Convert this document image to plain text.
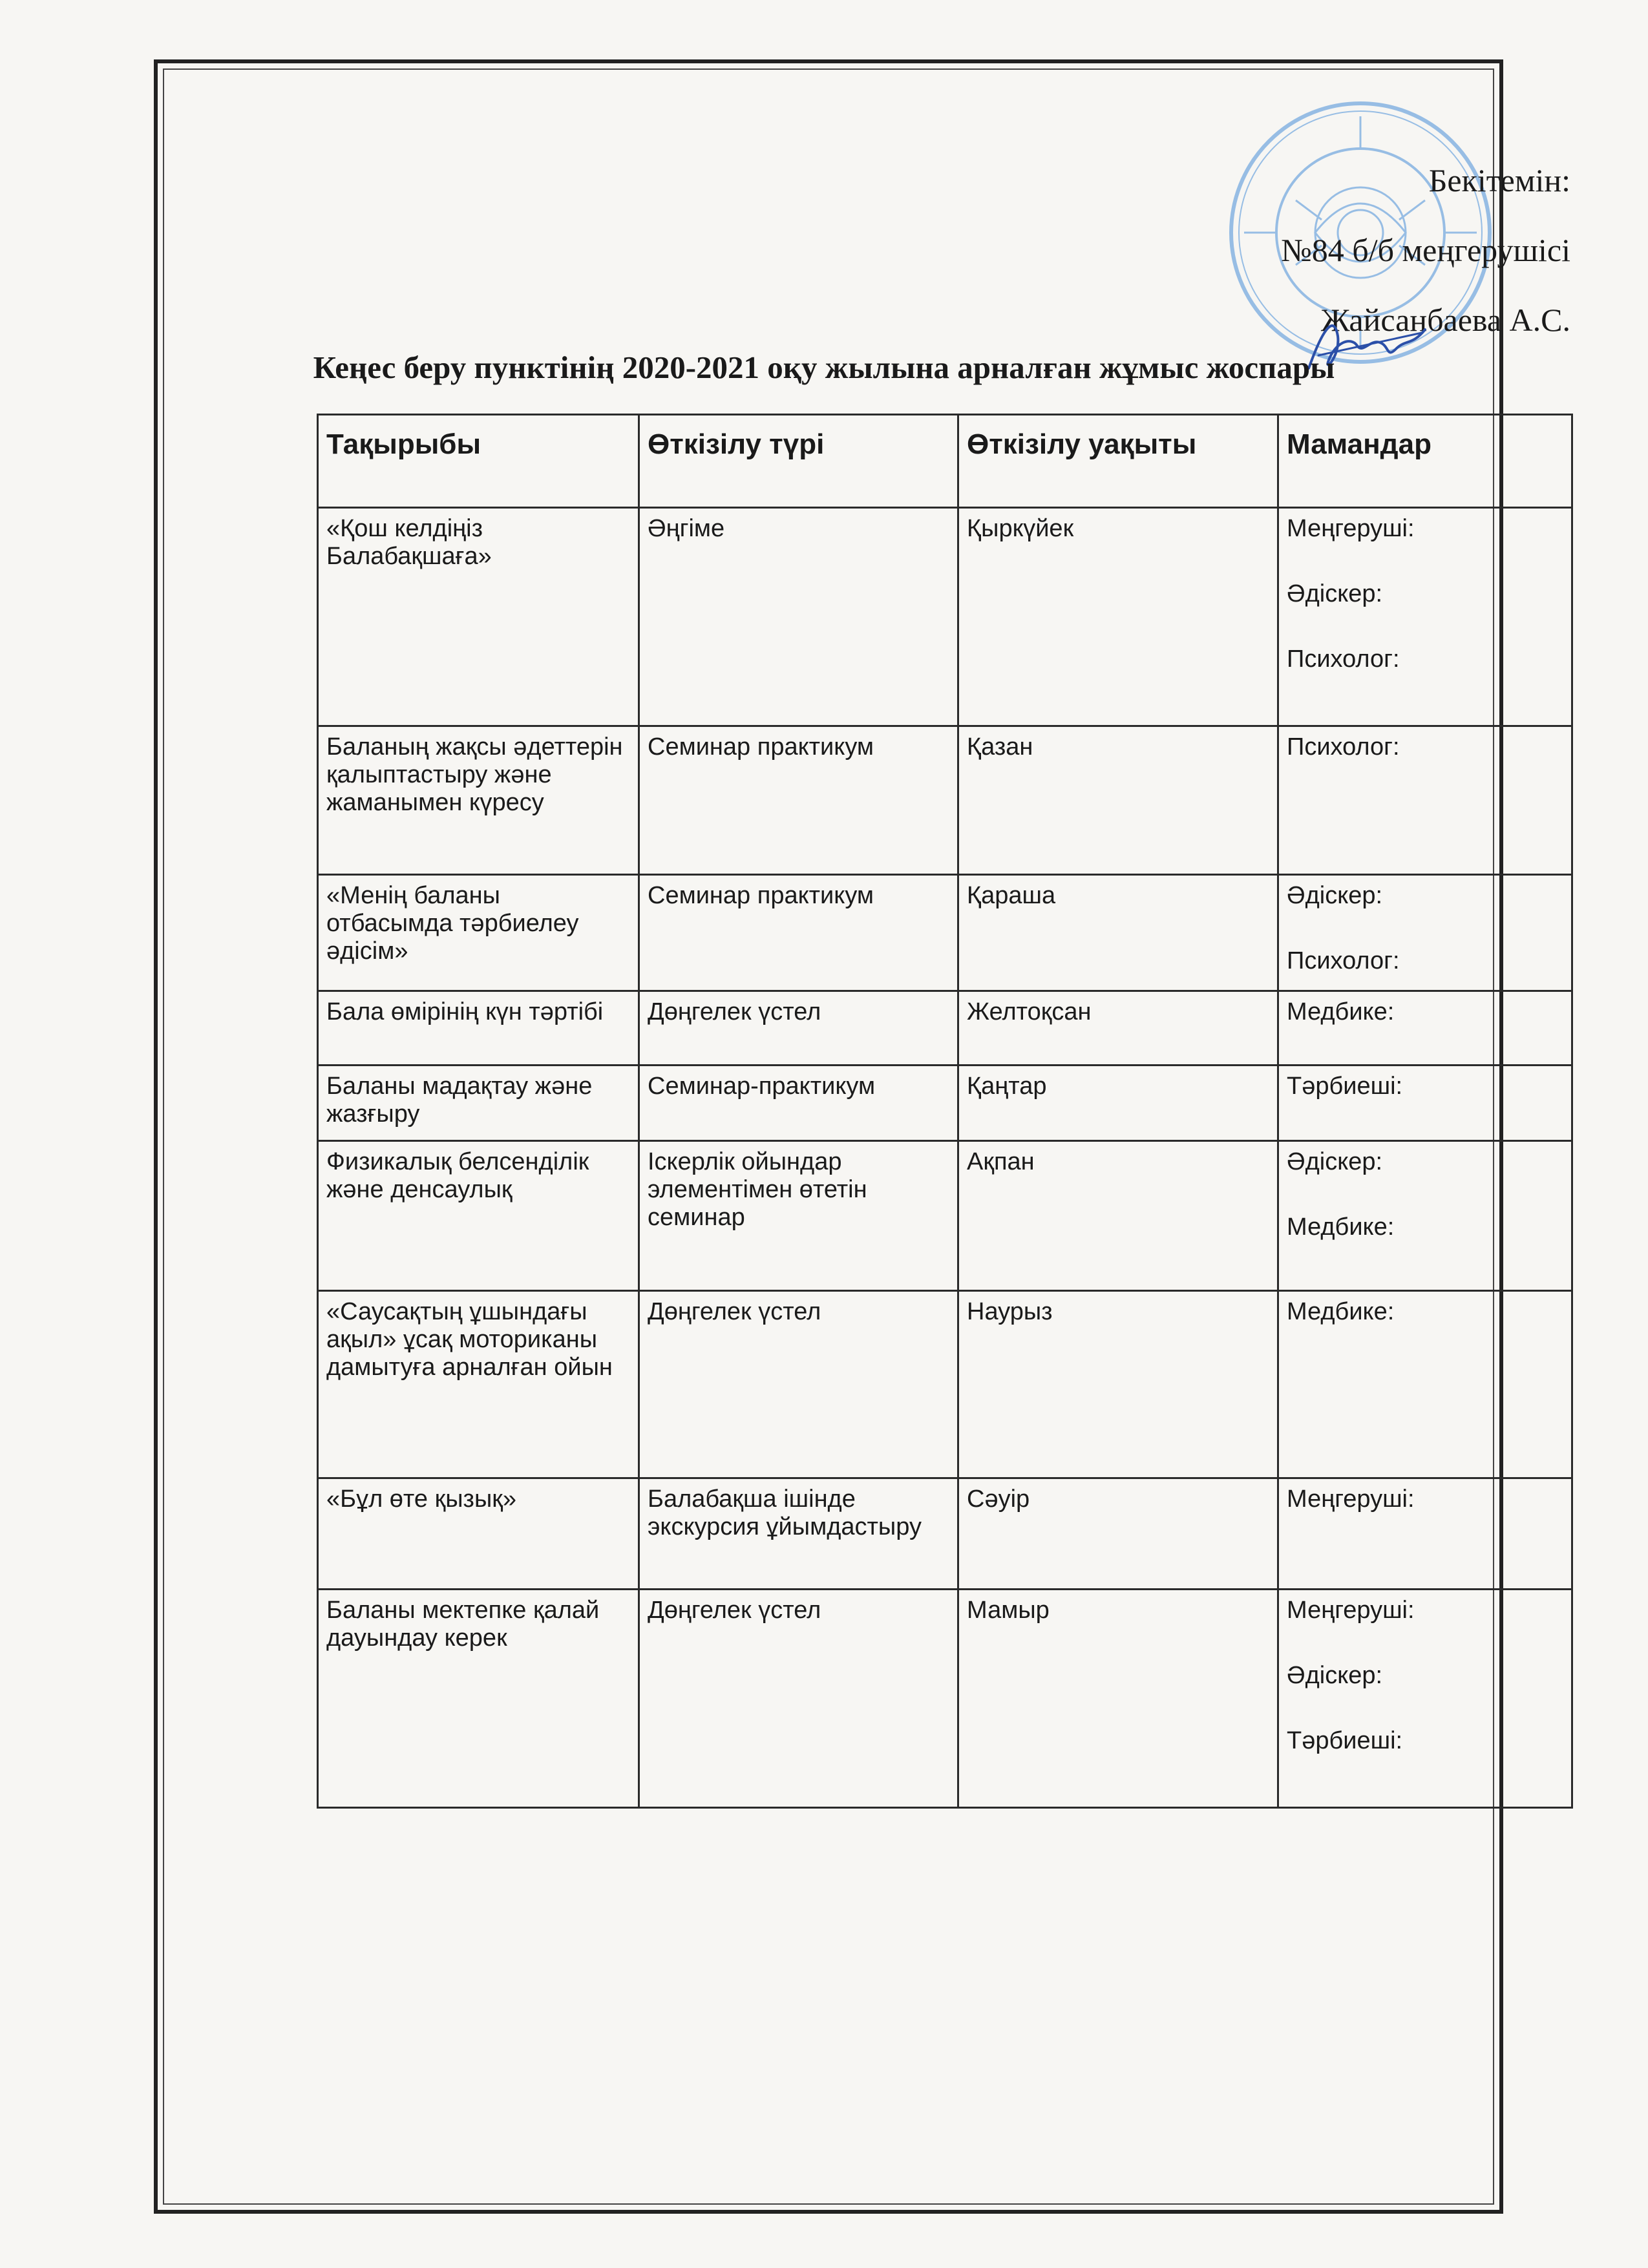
Бекітемін:
№84 б/б меңгерушісі
Жайсанбаева А.С.
Кеңес беру пунктінің 2020-2021 оқу жылына арналған жұмыс жоспары
Тақырыбы	Өткізілу түрі	Өткізілу уақыты	Мамандар
«Қош келдіңіз Балабақшаға»	Әңгіме	Қыркүйек	Меңгеруші:
Әдіскер:
Психолог:

Баланың жақсы әдеттерін қалыптастыру және жаманымен күресу	Семинар практикум	Қазан	Психолог:

«Менің баланы отбасымда тәрбиелеу әдісім»	Семинар практикум	Қараша	Әдіскер:
Психолог:

Бала өмірінің күн тәртібі	Дөңгелек үстел	Желтоқсан	Медбике:

Баланы мадақтау және жазғыру	Семинар-практикум	Қаңтар	Тәрбиеші:

Физикалық белсенділік және денсаулық	Іскерлік ойындар элементімен өтетін семинар	Ақпан	Әдіскер:
Медбике:

«Саусақтың ұшындағы ақыл» ұсақ моториканы дамытуға арналған ойын	Дөңгелек үстел	Наурыз	Медбике:

«Бұл өте қызық»	Балабақша ішінде экскурсия ұйымдастыру	Сәуір	Меңгеруші:

Баланы мектепке қалай дауындау керек	Дөңгелек үстел	Мамыр	Меңгеруші:
Әдіскер:
Тәрбиеші:
